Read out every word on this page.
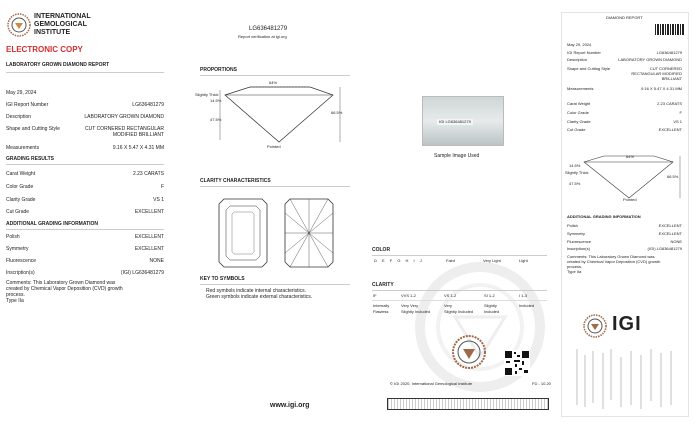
INTERNATIONAL
GEMOLOGICAL
INSTITUTE
ELECTRONIC COPY
LABORATORY GROWN DIAMOND REPORT
May 29, 2024
IGI Report Number	LG636481279
Description	LABORATORY GROWN DIAMOND
Shape and Cutting Style	CUT CORNERED RECTANGULAR
MODIFIED BRILLIANT
Measurements	9.16 X 5.47 X 4.31 MM
GRADING RESULTS
Carat Weight	2.23 CARATS
Color Grade	F
Clarity Grade	VS 1
Cut Grade	EXCELLENT
ADDITIONAL GRADING INFORMATION
Polish	EXCELLENT
Symmetry	EXCELLENT
Fluorescence	NONE
Inscription(s)	(IGI) LG636481279
Comments: This Laboratory Grown Diamond was
created by Chemical Vapor Deposition (CVD) growth
process.
Type IIa
LG636481279
Report verification at igi.org
PROPORTIONS
64%
Slightly Thick
14.5%
47.5%
66.5%
Pointed
IGI LG636481279
Sample Image Used
CLARITY CHARACTERISTICS
KEY TO SYMBOLS
Red symbols indicate internal characteristics.
Green symbols indicate external characteristics.
www.igi.org
COLOR
D E F G H I J	Faint	Very Light	Light
CLARITY
IF	VVS 1-2	VS 1-2	SI 1-2	I 1-3
Internally	Very Very	Very	Slightly	Included
Flawless	Slightly Included	Slightly Included	Included
© IGI 2020, International Gemological Institute	FD - 10.20
DIAMOND REPORT
May 29, 2024
IGI Report Number	LG636481279
Description	LABORATORY GROWN DIAMOND
Shape and Cutting Style	CUT CORNERED
RECTANGULAR MODIFIED
BRILLIANT
Measurements	9.16 X 5.47 X 4.31 MM
Carat Weight	2.23 CARATS
Color Grade	F
Clarity Grade	VS 1
Cut Grade	EXCELLENT
64%
14.5%
Slightly Thick
47.5%
66.5%
Pointed
ADDITIONAL GRADING INFORMATION
Polish	EXCELLENT
Symmetry	EXCELLENT
Fluorescence	NONE
Inscription(s)	(IGI) LG636481279
Comments: This Laboratory Grown Diamond was
created by Chemical Vapor Deposition (CVD) growth
process.
Type IIa
IGI
